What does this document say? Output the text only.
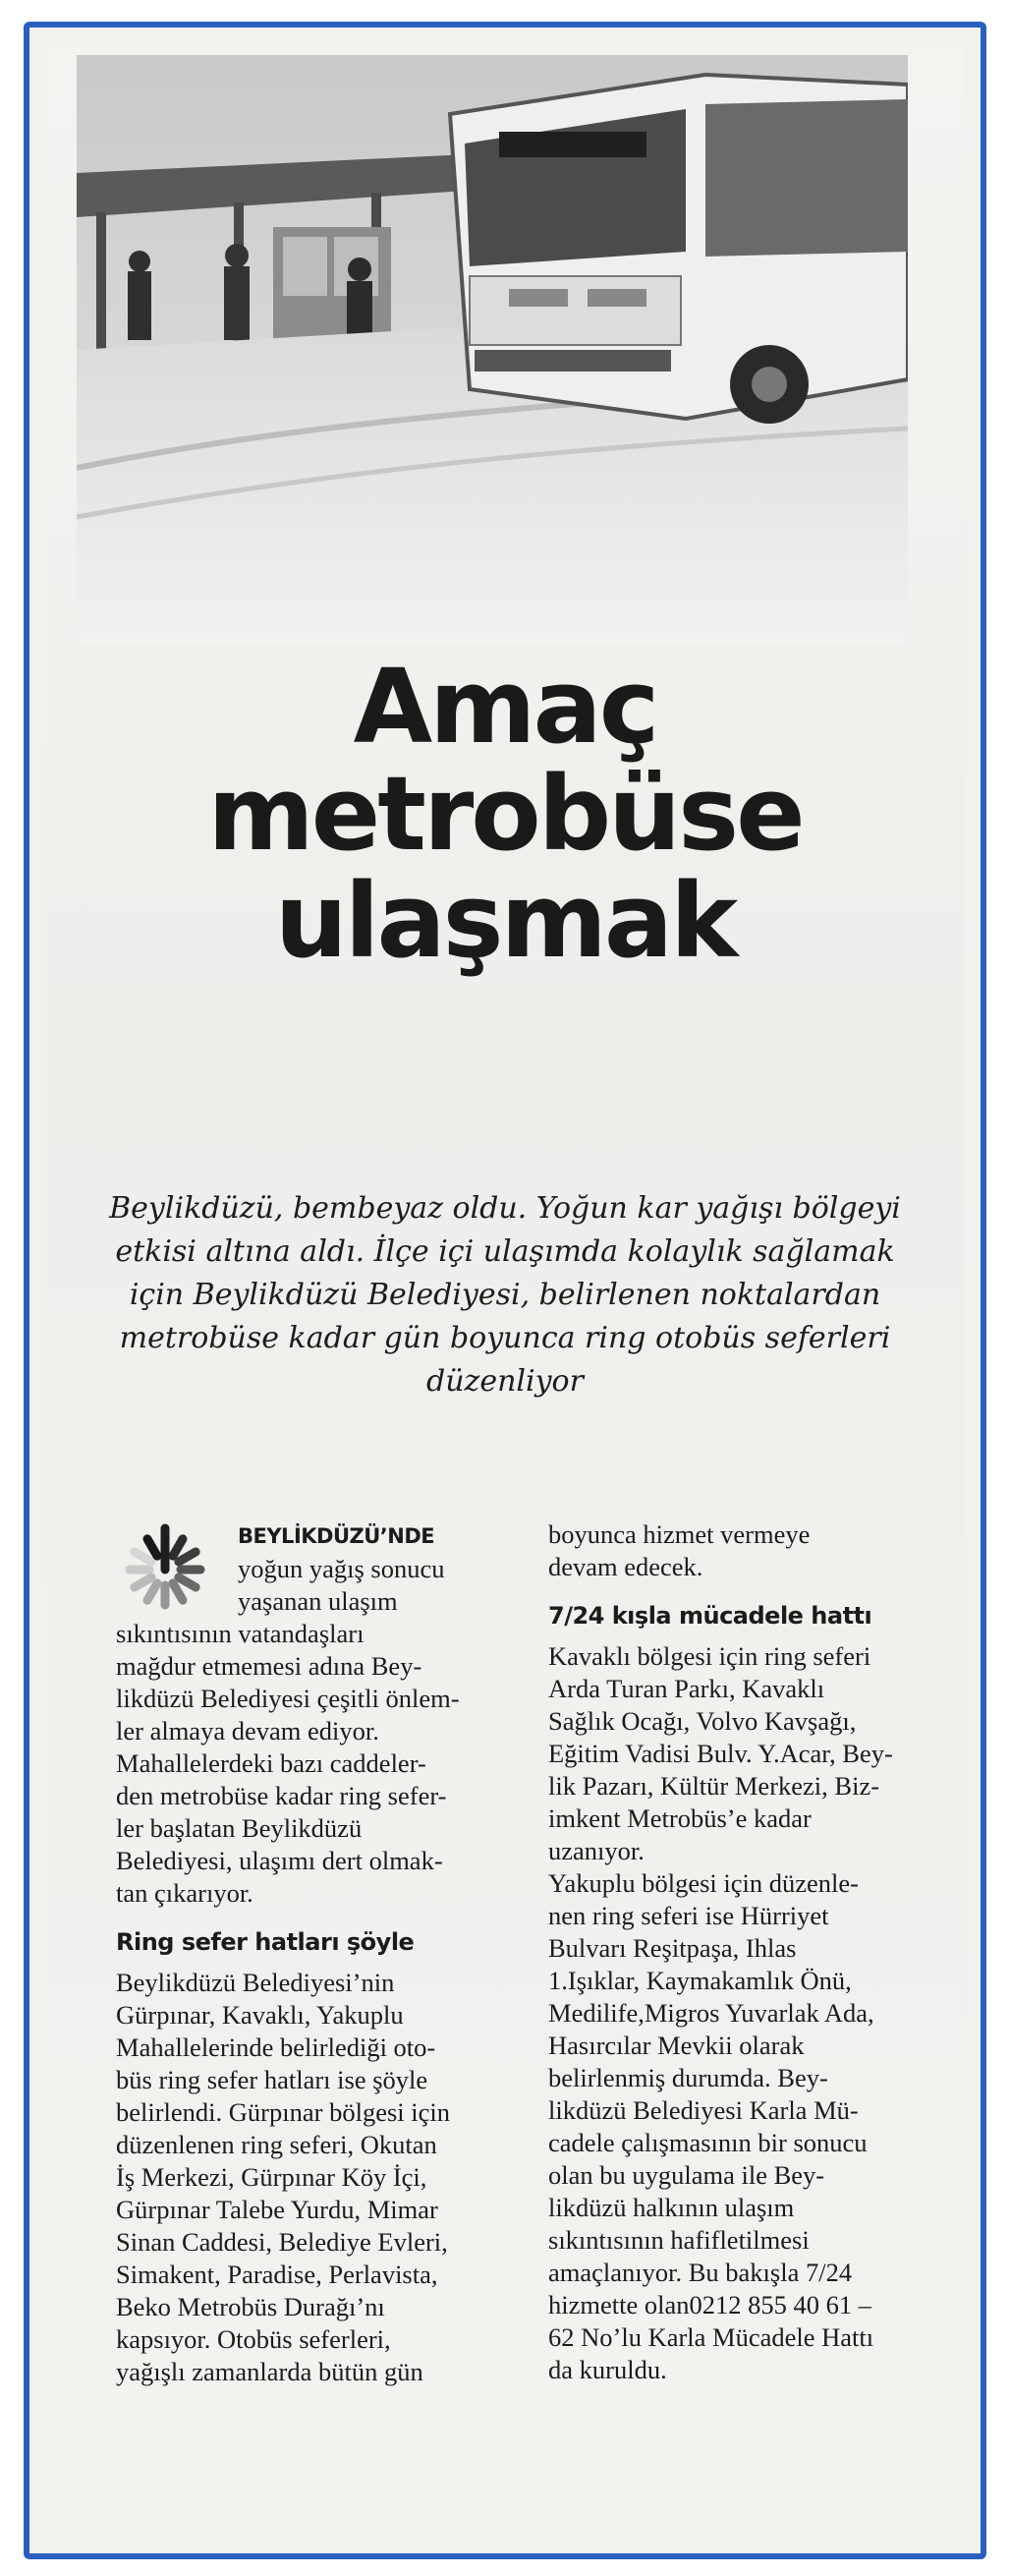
Amaç
metrobüse
ulaşmak
Beylikdüzü, bembeyaz oldu. Yoğun kar yağışı bölgeyi etkisi altına aldı. İlçe içi ulaşımda kolaylık sağlamak için Beylikdüzü Belediyesi, belirlenen noktalardan metrobüse kadar gün boyunca ring otobüs seferleri düzenliyor

BEYLİKDÜZÜ’NDE
yoğun yağış sonucu
yaşanan ulaşım

sıkıntısının vatandaşları
mağdur etmemesi adına Bey-
likdüzü Belediyesi çeşitli önlem-
ler almaya devam ediyor.
Mahallelerdeki bazı caddeler-
den metrobüse kadar ring sefer-
ler başlatan Beylikdüzü
Belediyesi, ulaşımı dert olmak-
tan çıkarıyor.

Ring sefer hatları şöyle

Beylikdüzü Belediyesi’nin
Gürpınar, Kavaklı, Yakuplu
Mahallelerinde belirlediği oto-
büs ring sefer hatları ise şöyle
belirlendi. Gürpınar bölgesi için
düzenlenen ring seferi, Okutan
İş Merkezi, Gürpınar Köy İçi,
Gürpınar Talebe Yurdu, Mimar
Sinan Caddesi, Belediye Evleri,
Simakent, Paradise, Perlavista,
Beko Metrobüs Durağı’nı
kapsıyor. Otobüs seferleri,
yağışlı zamanlarda bütün gün

boyunca hizmet vermeye
devam edecek.

7/24 kışla mücadele hattı

Kavaklı bölgesi için ring seferi
Arda Turan Parkı, Kavaklı
Sağlık Ocağı, Volvo Kavşağı,
Eğitim Vadisi Bulv. Y.Acar, Bey-
lik Pazarı, Kültür Merkezi, Biz-
imkent Metrobüs’e kadar
uzanıyor.

Yakuplu bölgesi için düzenle-
nen ring seferi ise Hürriyet
Bulvarı Reşitpaşa, Ihlas
1.Işıklar, Kaymakamlık Önü,
Medilife,Migros Yuvarlak Ada,
Hasırcılar Mevkii olarak
belirlenmiş durumda. Bey-
likdüzü Belediyesi Karla Mü-
cadele çalışmasının bir sonucu
olan bu uygulama ile Bey-
likdüzü halkının ulaşım
sıkıntısının hafifletilmesi
amaçlanıyor. Bu bakışla 7/24
hizmette olan0212 855 40 61 –
62 No’lu Karla Mücadele Hattı
da kuruldu.
